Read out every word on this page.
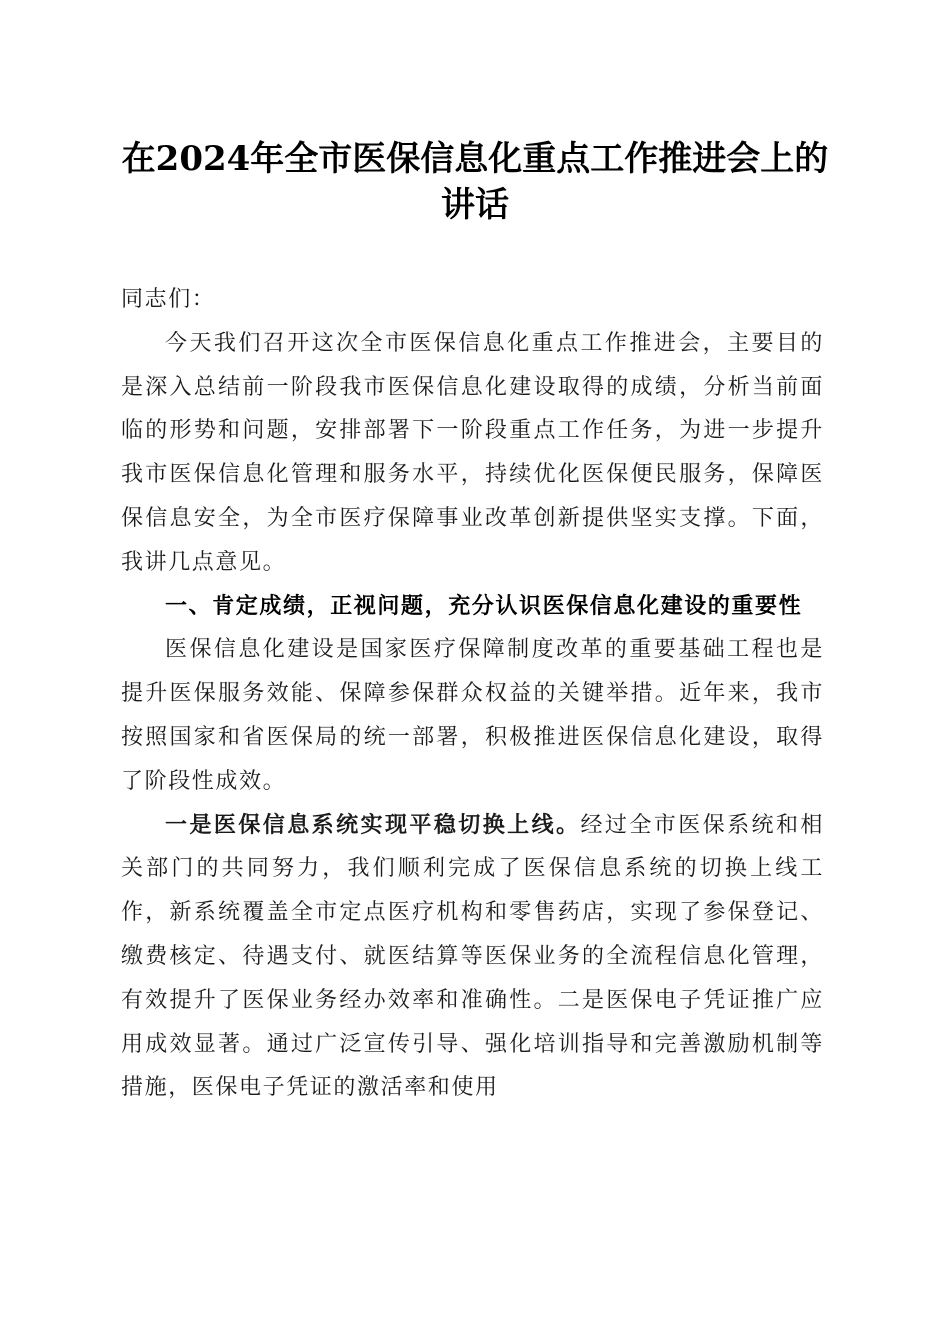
在2024年全市医保信息化重点工作推进会上的讲话

同志们：

今天我们召开这次全市医保信息化重点工作推进会，主要目的是深入总结前一阶段我市医保信息化建设取得的成绩，分析当前面临的形势和问题，安排部署下一阶段重点工作任务，为进一步提升我市医保信息化管理和服务水平，持续优化医保便民服务，保障医保信息安全，为全市医疗保障事业改革创新提供坚实支撑。下面，我讲几点意见。

一、肯定成绩，正视问题，充分认识医保信息化建设的重要性

医保信息化建设是国家医疗保障制度改革的重要基础工程也是提升医保服务效能、保障参保群众权益的关键举措。近年来，我市按照国家和省医保局的统一部署，积极推进医保信息化建设，取得了阶段性成效。

一是医保信息系统实现平稳切换上线。经过全市医保系统和相关部门的共同努力，我们顺利完成了医保信息系统的切换上线工作，新系统覆盖全市定点医疗机构和零售药店，实现了参保登记、缴费核定、待遇支付、就医结算等医保业务的全流程信息化管理，有效提升了医保业务经办效率和准确性。二是医保电子凭证推广应用成效显著。通过广泛宣传引导、强化培训指导和完善激励机制等措施，医保电子凭证的激活率和使用
